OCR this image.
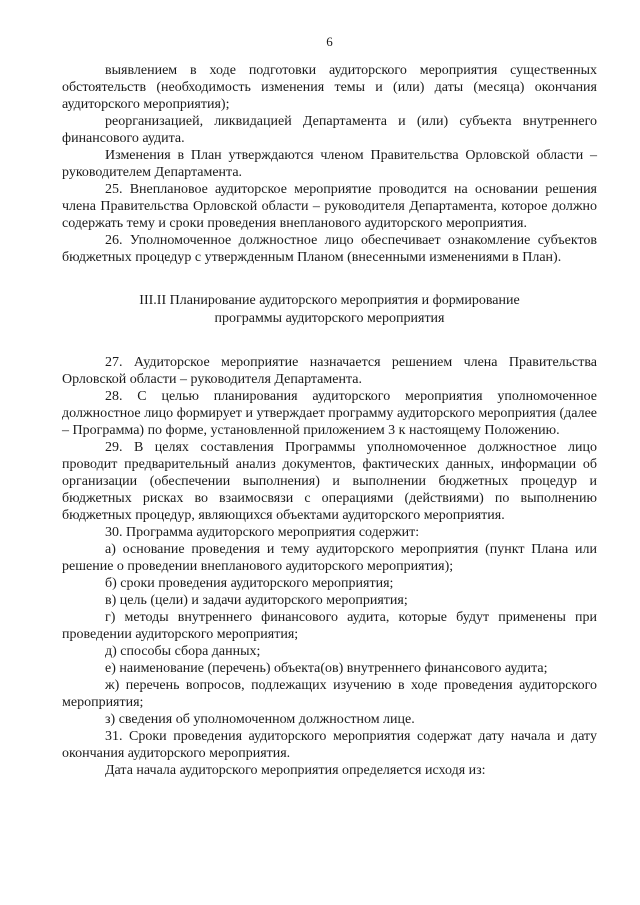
6

выявлением в ходе подготовки аудиторского мероприятия существенных обстоятельств (необходимость изменения темы и (или) даты (месяца) окончания аудиторского мероприятия);

реорганизацией, ликвидацией Департамента и (или) субъекта внутреннего финансового аудита.

Изменения в План утверждаются членом Правительства Орловской области – руководителем Департамента.

25. Внеплановое аудиторское мероприятие проводится на основании решения члена Правительства Орловской области – руководителя Департамента, которое должно содержать тему и сроки проведения внепланового аудиторского мероприятия.

26. Уполномоченное должностное лицо обеспечивает ознакомление субъектов бюджетных процедур с утвержденным Планом (внесенными изменениями в План).

III.II Планирование аудиторского мероприятия и формирование
программы аудиторского мероприятия

27. Аудиторское мероприятие назначается решением члена Правительства Орловской области – руководителя Департамента.

28. С целью планирования аудиторского мероприятия уполномоченное должностное лицо формирует и утверждает программу аудиторского мероприятия (далее – Программа) по форме, установленной приложением 3 к настоящему Положению.

29. В целях составления Программы уполномоченное должностное лицо проводит предварительный анализ документов, фактических данных, информации об организации (обеспечении выполнения) и выполнении бюджетных процедур и бюджетных рисках во взаимосвязи с операциями (действиями) по выполнению бюджетных процедур, являющихся объектами аудиторского мероприятия.

30. Программа аудиторского мероприятия содержит:

а) основание проведения и тему аудиторского мероприятия (пункт Плана или решение о проведении внепланового аудиторского мероприятия);

б) сроки проведения аудиторского мероприятия;

в) цель (цели) и задачи аудиторского мероприятия;

г) методы внутреннего финансового аудита, которые будут применены при проведении аудиторского мероприятия;

д) способы сбора данных;

е) наименование (перечень) объекта(ов) внутреннего финансового аудита;

ж) перечень вопросов, подлежащих изучению в ходе проведения аудиторского мероприятия;

з) сведения об уполномоченном должностном лице.

31. Сроки проведения аудиторского мероприятия содержат дату начала и дату окончания аудиторского мероприятия.

Дата начала аудиторского мероприятия определяется исходя из:
